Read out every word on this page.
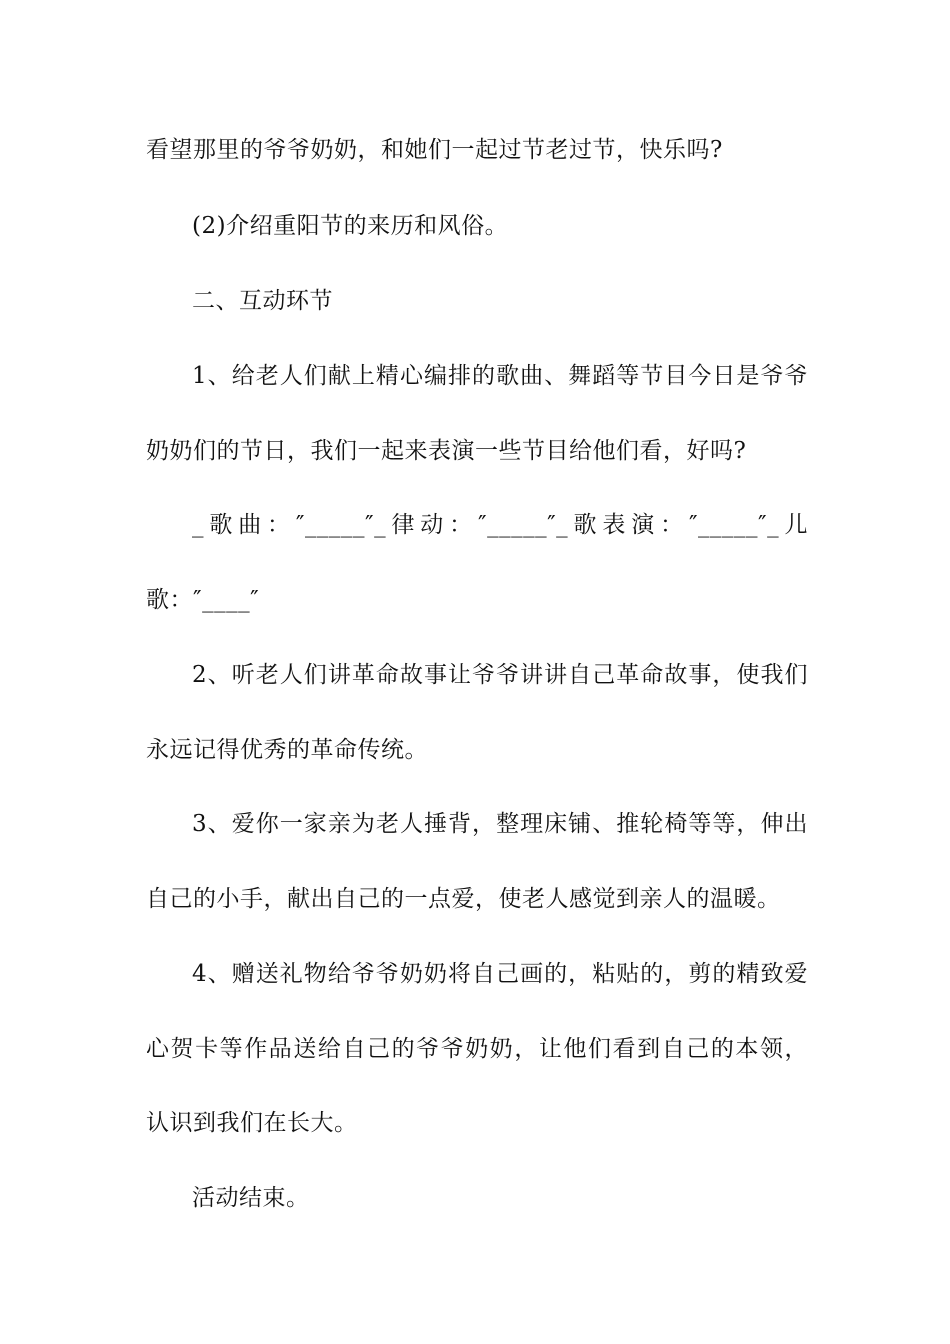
看望那里的爷爷奶奶，和她们一起过节老过节，快乐吗?
(2)介绍重阳节的来历和风俗。
二、互动环节
1、给老人们献上精心编排的歌曲、舞蹈等节目今日是爷爷
奶奶们的节日，我们一起来表演一些节目给他们看，好吗?
_歌曲：″_____″_律动：″_____″_歌表演：″_____″_儿
歌：″____″
2、听老人们讲革命故事让爷爷讲讲自己革命故事，使我们
永远记得优秀的革命传统。
3、爱你一家亲为老人捶背，整理床铺、推轮椅等等，伸出
自己的小手，献出自己的一点爱，使老人感觉到亲人的温暖。
4、赠送礼物给爷爷奶奶将自己画的，粘贴的，剪的精致爱
心贺卡等作品送给自己的爷爷奶奶，让他们看到自己的本领，
认识到我们在长大。
活动结束。
